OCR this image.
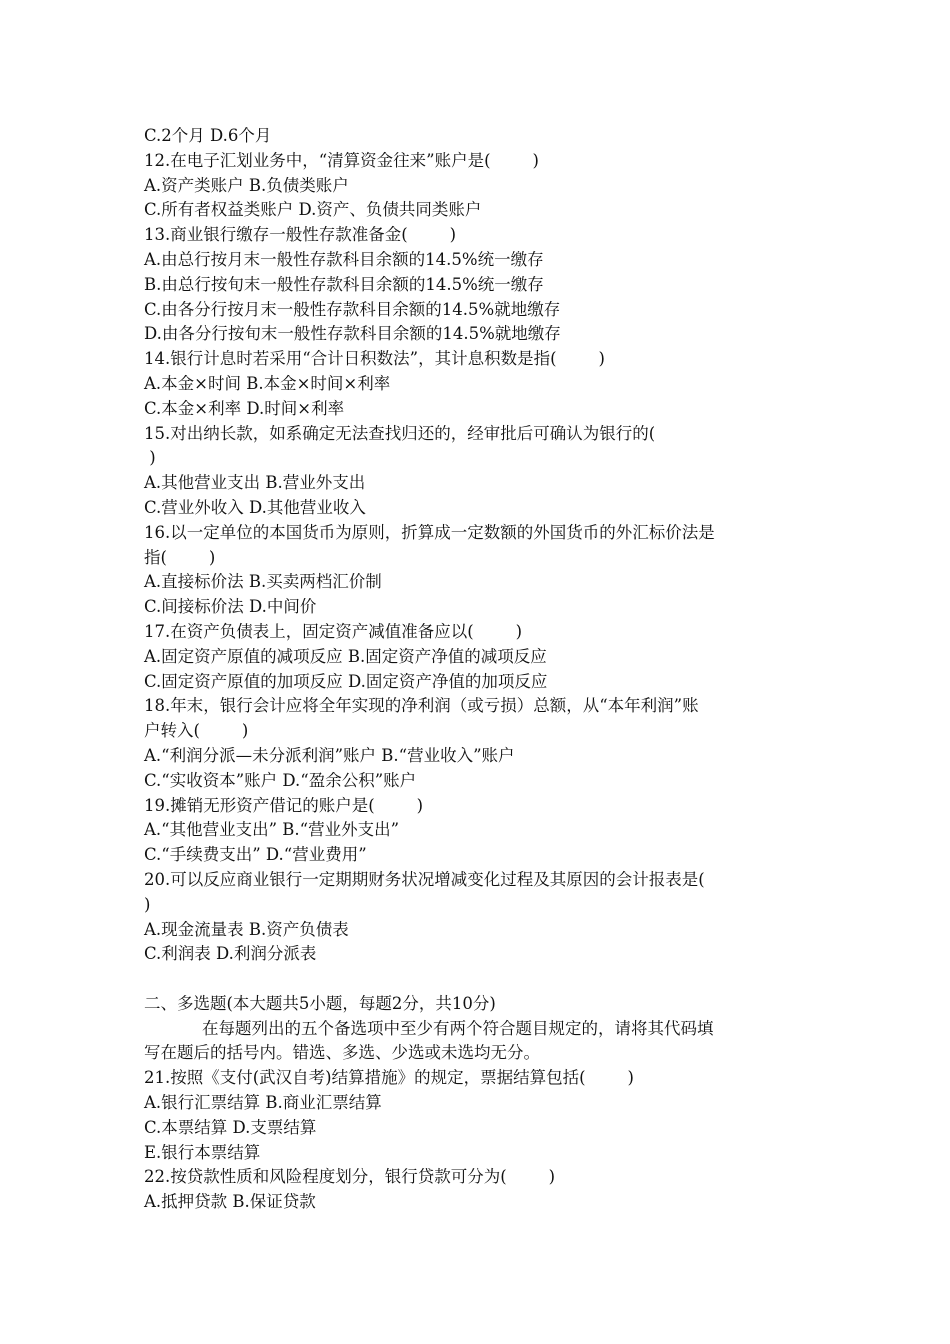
C.2个月 D.6个月
12.在电子汇划业务中，“清算资金往来”账户是(        )
A.资产类账户 B.负债类账户
C.所有者权益类账户 D.资产、负债共同类账户
13.商业银行缴存一般性存款准备金(        )
A.由总行按月末一般性存款科目余额的14.5%统一缴存
B.由总行按旬末一般性存款科目余额的14.5%统一缴存
C.由各分行按月末一般性存款科目余额的14.5%就地缴存
D.由各分行按旬末一般性存款科目余额的14.5%就地缴存
14.银行计息时若采用“合计日积数法”，其计息积数是指(        )
A.本金×时间 B.本金×时间×利率
C.本金×利率 D.时间×利率
15.对出纳长款，如系确定无法查找归还的，经审批后可确认为银行的(
)
A.其他营业支出 B.营业外支出
C.营业外收入 D.其他营业收入
16.以一定单位的本国货币为原则，折算成一定数额的外国货币的外汇标价法是
指(        )
A.直接标价法 B.买卖两档汇价制
C.间接标价法 D.中间价
17.在资产负债表上，固定资产减值准备应以(        )
A.固定资产原值的减项反应 B.固定资产净值的减项反应
C.固定资产原值的加项反应 D.固定资产净值的加项反应
18.年末，银行会计应将全年实现的净利润（或亏损）总额，从“本年利润”账
户转入(        )
A.“利润分派—未分派利润”账户 B.“营业收入”账户
C.“实收资本”账户 D.“盈余公积”账户
19.摊销无形资产借记的账户是(        )
A.“其他营业支出” B.“营业外支出”
C.“手续费支出” D.“营业费用”
20.可以反应商业银行一定期期财务状况增减变化过程及其原因的会计报表是(
)
A.现金流量表 B.资产负债表
C.利润表 D.利润分派表
二、多选题(本大题共5小题，每题2分，共10分)
在每题列出的五个备选项中至少有两个符合题目规定的，请将其代码填
写在题后的括号内。错选、多选、少选或未选均无分。
21.按照《支付(武汉自考)结算措施》的规定，票据结算包括(        )
A.银行汇票结算 B.商业汇票结算
C.本票结算 D.支票结算
E.银行本票结算
22.按贷款性质和风险程度划分，银行贷款可分为(        )
A.抵押贷款 B.保证贷款
